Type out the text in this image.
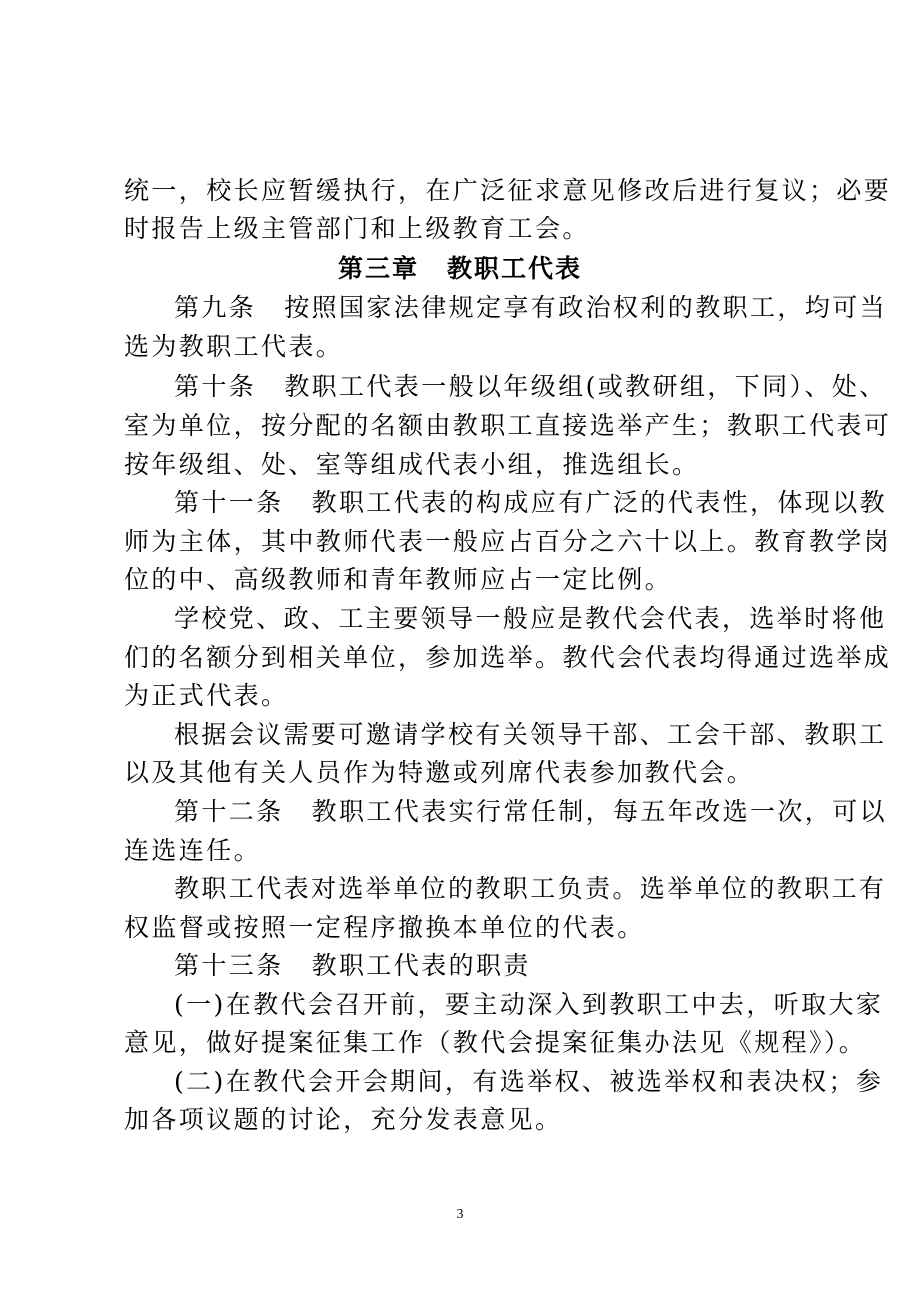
统一，校长应暂缓执行，在广泛征求意见修改后进行复议；必要
时报告上级主管部门和上级教育工会。
第三章 教职工代表
第九条 按照国家法律规定享有政治权利的教职工，均可当
选为教职工代表。
第十条 教职工代表一般以年级组(或教研组，下同）、处、
室为单位，按分配的名额由教职工直接选举产生；教职工代表可
按年级组、处、室等组成代表小组，推选组长。
第十一条 教职工代表的构成应有广泛的代表性，体现以教
师为主体，其中教师代表一般应占百分之六十以上。教育教学岗
位的中、高级教师和青年教师应占一定比例。
学校党、政、工主要领导一般应是教代会代表，选举时将他
们的名额分到相关单位，参加选举。教代会代表均得通过选举成
为正式代表。
根据会议需要可邀请学校有关领导干部、工会干部、教职工
以及其他有关人员作为特邀或列席代表参加教代会。
第十二条 教职工代表实行常任制，每五年改选一次，可以
连选连任。
教职工代表对选举单位的教职工负责。选举单位的教职工有
权监督或按照一定程序撤换本单位的代表。
第十三条 教职工代表的职责
(一)在教代会召开前，要主动深入到教职工中去，听取大家
意见，做好提案征集工作（教代会提案征集办法见《规程》）。
(二)在教代会开会期间，有选举权、被选举权和表决权；参
加各项议题的讨论，充分发表意见。
3
